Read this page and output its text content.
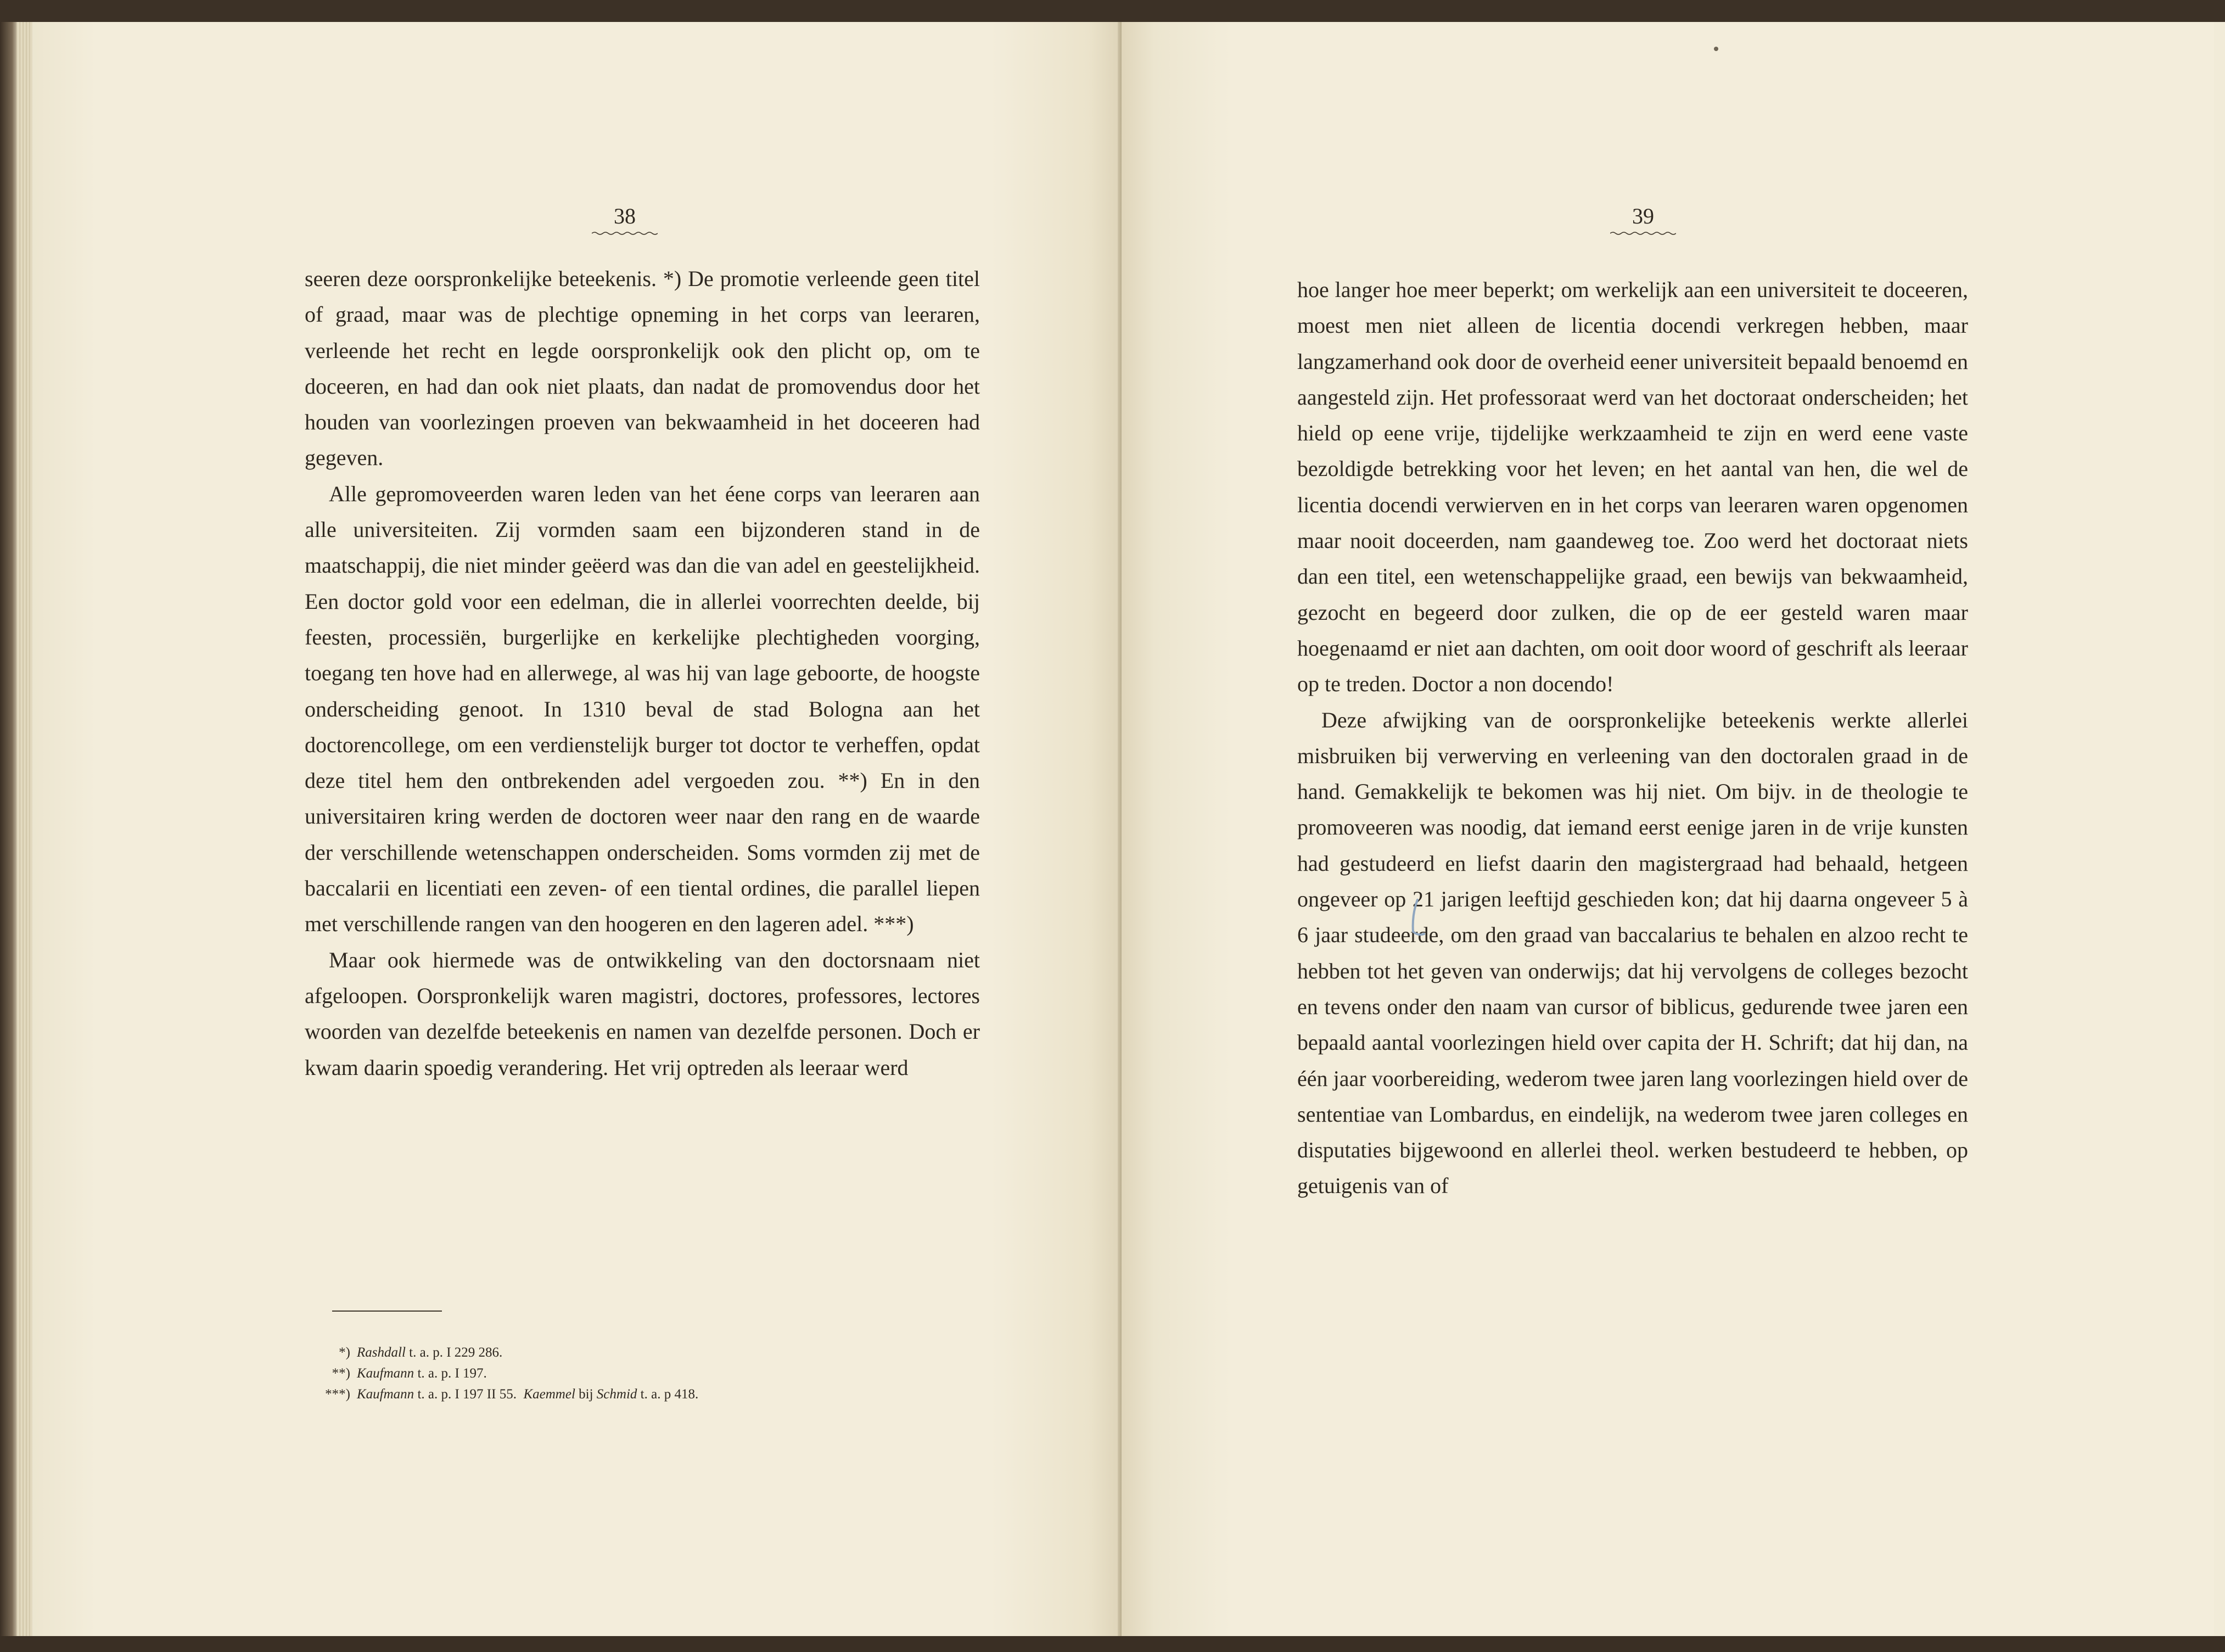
38

seeren deze oorspronkelijke beteekenis. *) De promotie verleende geen titel of graad, maar was de plechtige opneming in het corps van leeraren, verleende het recht en legde oorspronkelijk ook den plicht op, om te doceeren, en had dan ook niet plaats, dan nadat de promovendus door het houden van voorlezingen proeven van bekwaamheid in het doceeren had gegeven.

Alle gepromoveerden waren leden van het éene corps van leeraren aan alle universiteiten. Zij vormden saam een bijzonderen stand in de maatschappij, die niet minder geëerd was dan die van adel en geestelijkheid. Een doctor gold voor een edelman, die in allerlei voorrechten deelde, bij feesten, processiën, burgerlijke en kerkelijke plechtigheden voorging, toegang ten hove had en allerwege, al was hij van lage geboorte, de hoogste onderscheiding genoot. In 1310 beval de stad Bologna aan het doctorencollege, om een verdienstelijk burger tot doctor te verheffen, opdat deze titel hem den ontbrekenden adel vergoeden zou. **) En in den universitairen kring werden de doctoren weer naar den rang en de waarde der verschillende wetenschappen onderscheiden. Soms vormden zij met de baccalarii en licentiati een zeven- of een tiental ordines, die parallel liepen met verschillende rangen van den hoogeren en den lageren adel. ***)

Maar ook hiermede was de ontwikkeling van den doctorsnaam niet afgeloopen. Oorspronkelijk waren magistri, doctores, professores, lectores woorden van dezelfde beteekenis en namen van dezelfde personen. Doch er kwam daarin spoedig verandering. Het vrij optreden als leeraar werd

*) Rashdall t. a. p. I 229 286.
**) Kaufmann t. a. p. I 197.
***) Kaufmann t. a. p. I 197 II 55. Kaemmel bij Schmid t. a. p 418.
39

hoe langer hoe meer beperkt; om werkelijk aan een universiteit te doceeren, moest men niet alleen de licentia docendi verkregen hebben, maar langzamerhand ook door de overheid eener universiteit bepaald benoemd en aangesteld zijn. Het professoraat werd van het doctoraat onderscheiden; het hield op eene vrije, tijdelijke werkzaamheid te zijn en werd eene vaste bezoldigde betrekking voor het leven; en het aantal van hen, die wel de licentia docendi verwierven en in het corps van leeraren waren opgenomen maar nooit doceerden, nam gaandeweg toe. Zoo werd het doctoraat niets dan een titel, een wetenschappelijke graad, een bewijs van bekwaamheid, gezocht en begeerd door zulken, die op de eer gesteld waren maar hoegenaamd er niet aan dachten, om ooit door woord of geschrift als leeraar op te treden. Doctor a non docendo!

Deze afwijking van de oorspronkelijke beteekenis werkte allerlei misbruiken bij verwerving en verleening van den doctoralen graad in de hand. Gemakkelijk te bekomen was hij niet. Om bijv. in de theologie te promoveeren was noodig, dat iemand eerst eenige jaren in de vrije kunsten had gestudeerd en liefst daarin den magistergraad had behaald, hetgeen ongeveer op 21 jarigen leeftijd geschieden kon; dat hij daarna ongeveer 5 à 6 jaar studeerde, om den graad van baccalarius te behalen en alzoo recht te hebben tot het geven van onderwijs; dat hij vervolgens de colleges bezocht en tevens onder den naam van cursor of biblicus, gedurende twee jaren een bepaald aantal voorlezingen hield over capita der H. Schrift; dat hij dan, na één jaar voorbereiding, wederom twee jaren lang voorlezingen hield over de sententiae van Lombardus, en eindelijk, na wederom twee jaren colleges en disputaties bijgewoond en allerlei theol. werken bestudeerd te hebben, op getuigenis van of
